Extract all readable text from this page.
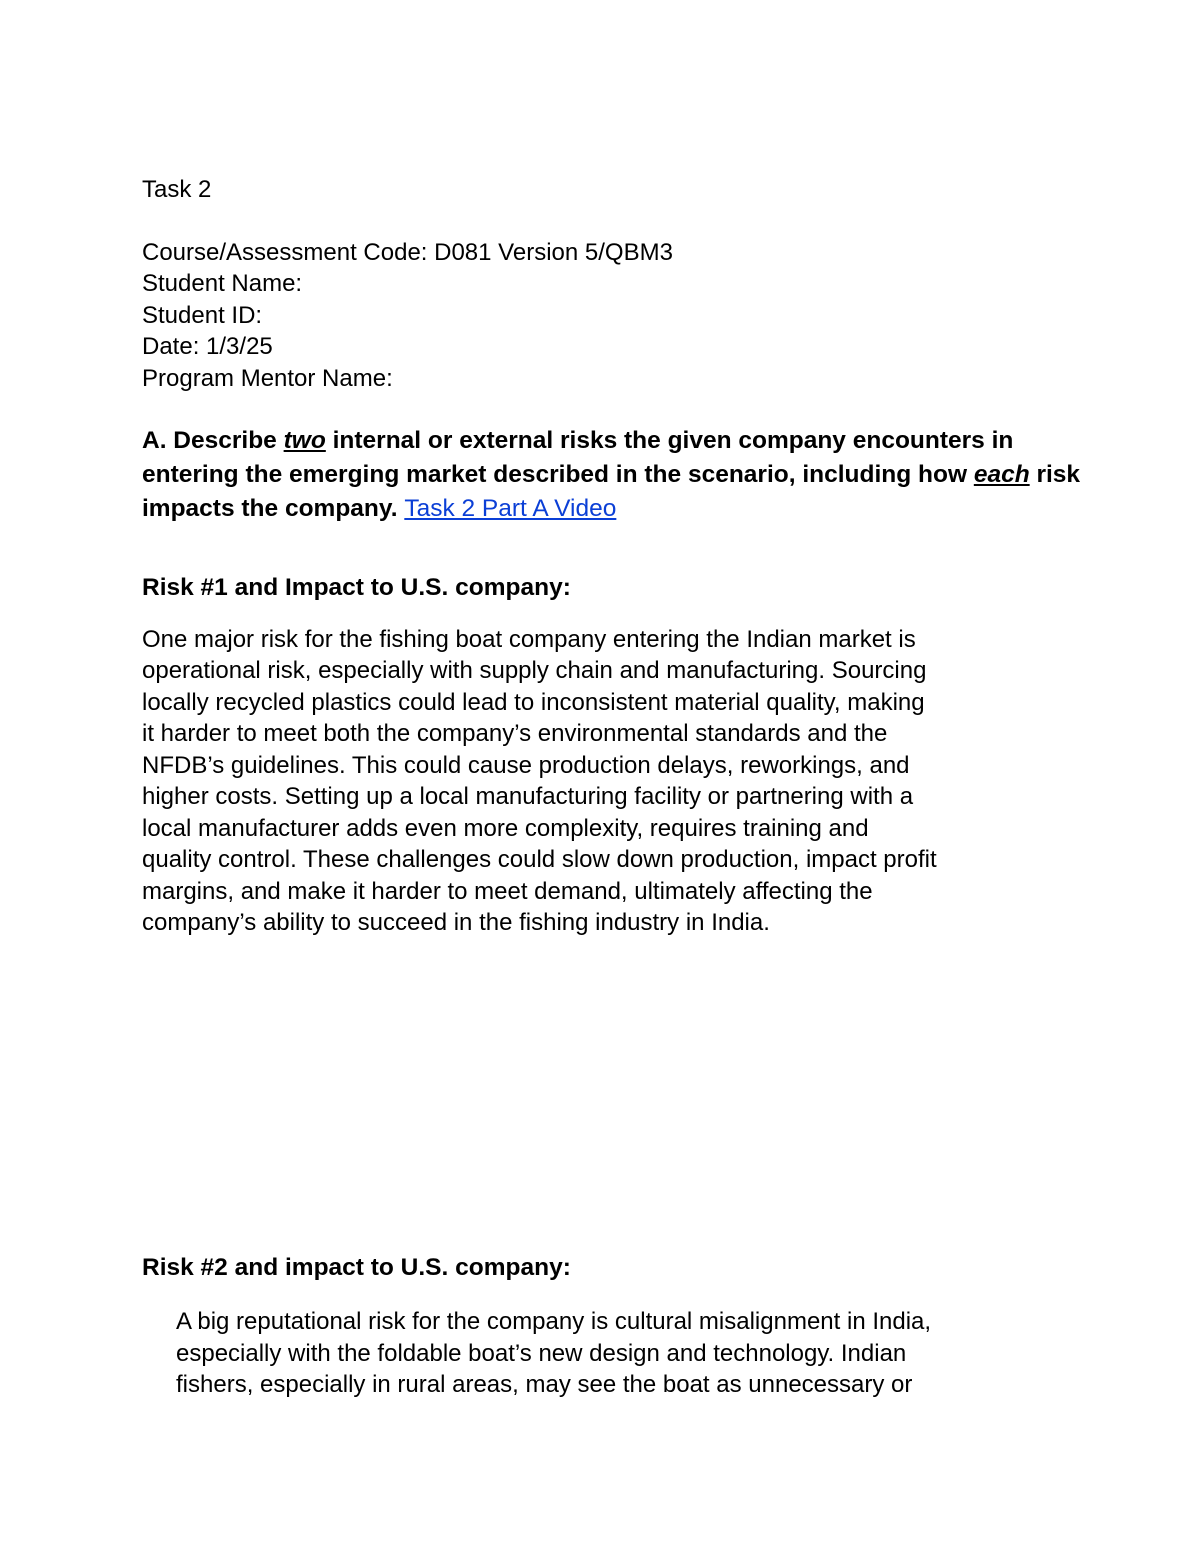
Task 2
Course/Assessment Code: D081 Version 5/QBM3
Student Name:
Student ID:
Date: 1/3/25
Program Mentor Name:
A. Describe two internal or external risks the given company encounters in entering the emerging market described in the scenario, including how each risk impacts the company. Task 2 Part A Video
Risk #1 and Impact to U.S. company:
One major risk for the fishing boat company entering the Indian market is
operational risk, especially with supply chain and manufacturing. Sourcing
locally recycled plastics could lead to inconsistent material quality, making
it harder to meet both the company’s environmental standards and the
NFDB’s guidelines. This could cause production delays, reworkings, and
higher costs. Setting up a local manufacturing facility or partnering with a
local manufacturer adds even more complexity, requires training and
quality control. These challenges could slow down production, impact profit
margins, and make it harder to meet demand, ultimately affecting the
company’s ability to succeed in the fishing industry in India.
Risk #2 and impact to U.S. company:
A big reputational risk for the company is cultural misalignment in India,
especially with the foldable boat’s new design and technology. Indian
fishers, especially in rural areas, may see the boat as unnecessary or
